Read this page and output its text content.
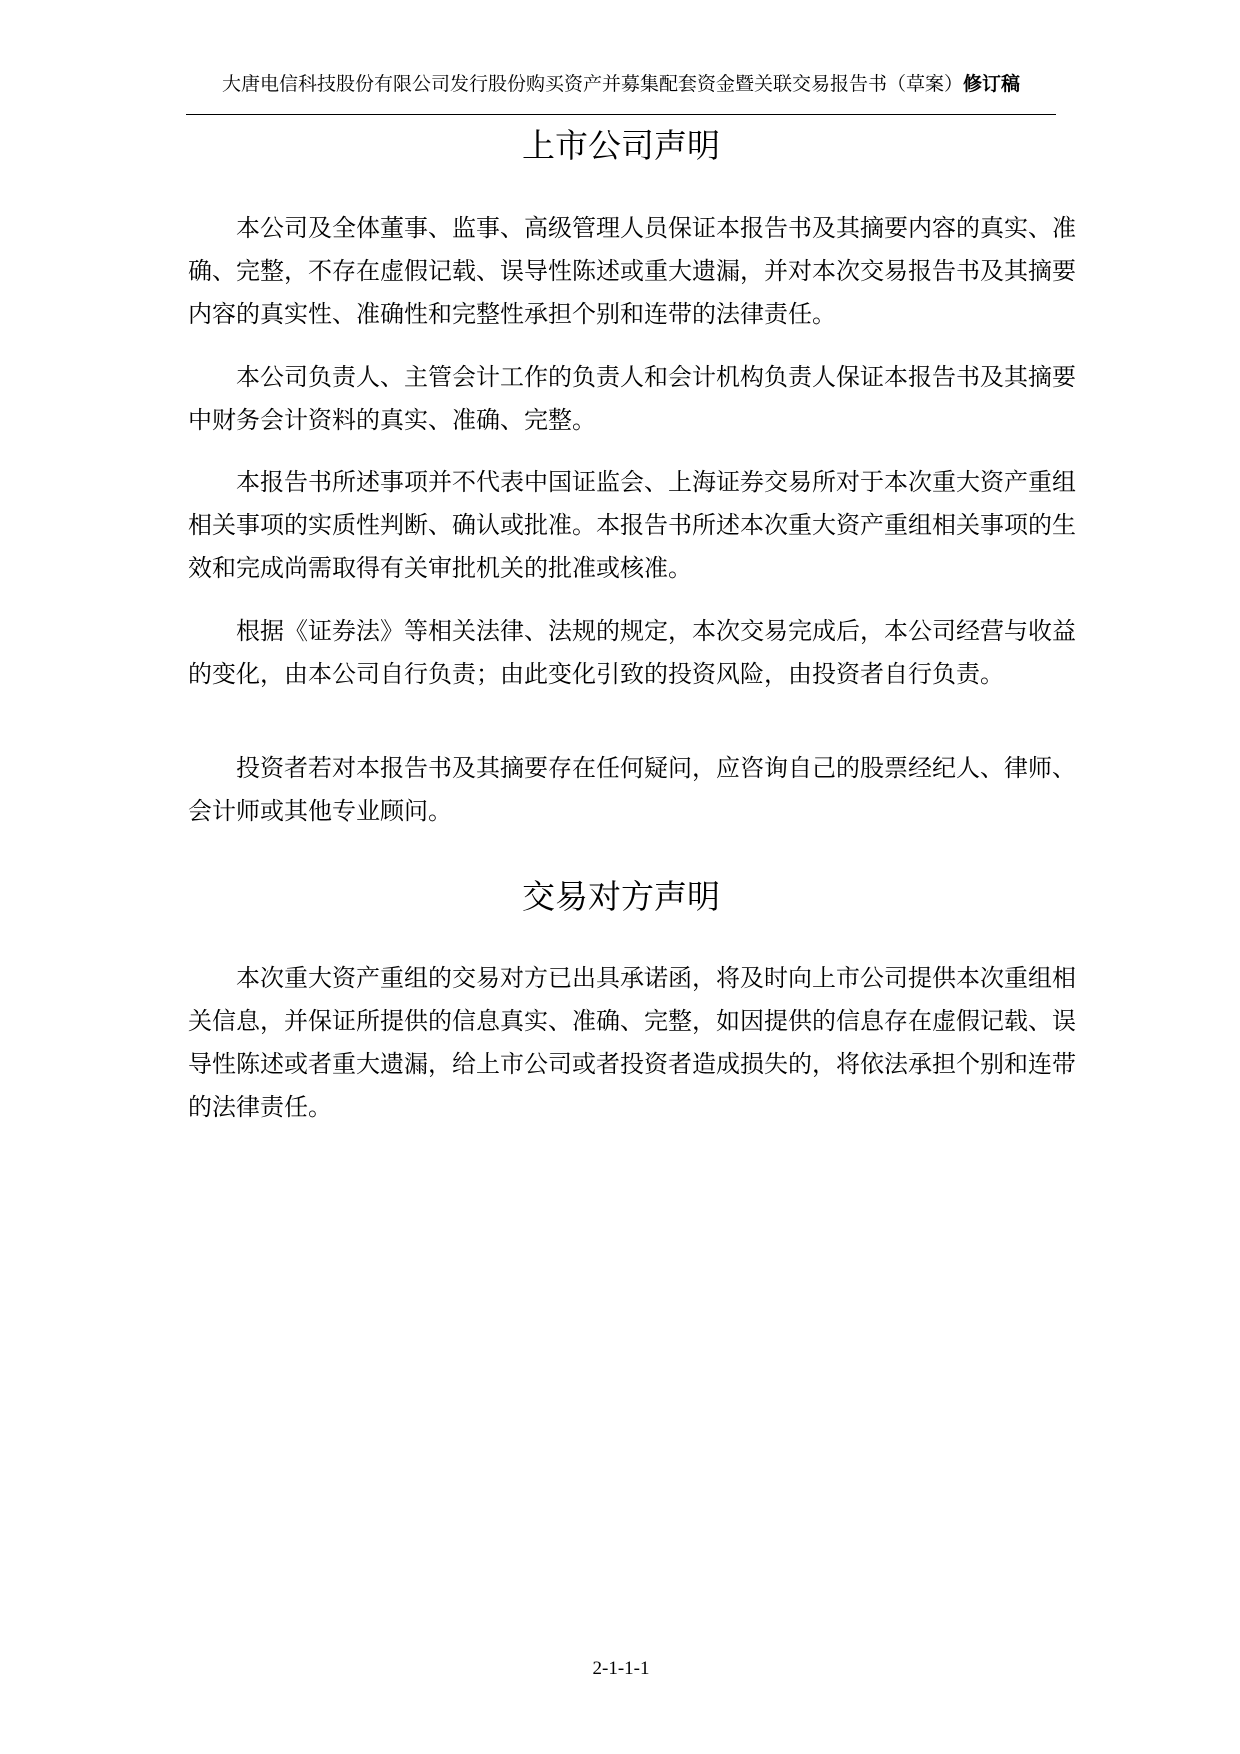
大唐电信科技股份有限公司发行股份购买资产并募集配套资金暨关联交易报告书（草案）修订稿
上市公司声明

本公司及全体董事、监事、高级管理人员保证本报告书及其摘要内容的真实、准确、完整，不存在虚假记载、误导性陈述或重大遗漏，并对本次交易报告书及其摘要内容的真实性、准确性和完整性承担个别和连带的法律责任。

本公司负责人、主管会计工作的负责人和会计机构负责人保证本报告书及其摘要中财务会计资料的真实、准确、完整。

本报告书所述事项并不代表中国证监会、上海证券交易所对于本次重大资产重组相关事项的实质性判断、确认或批准。本报告书所述本次重大资产重组相关事项的生效和完成尚需取得有关审批机关的批准或核准。

根据《证券法》等相关法律、法规的规定，本次交易完成后，本公司经营与收益的变化，由本公司自行负责；由此变化引致的投资风险，由投资者自行负责。

投资者若对本报告书及其摘要存在任何疑问，应咨询自己的股票经纪人、律师、会计师或其他专业顾问。

交易对方声明

本次重大资产重组的交易对方已出具承诺函，将及时向上市公司提供本次重组相关信息，并保证所提供的信息真实、准确、完整，如因提供的信息存在虚假记载、误导性陈述或者重大遗漏，给上市公司或者投资者造成损失的，将依法承担个别和连带的法律责任。

2-1-1-1
